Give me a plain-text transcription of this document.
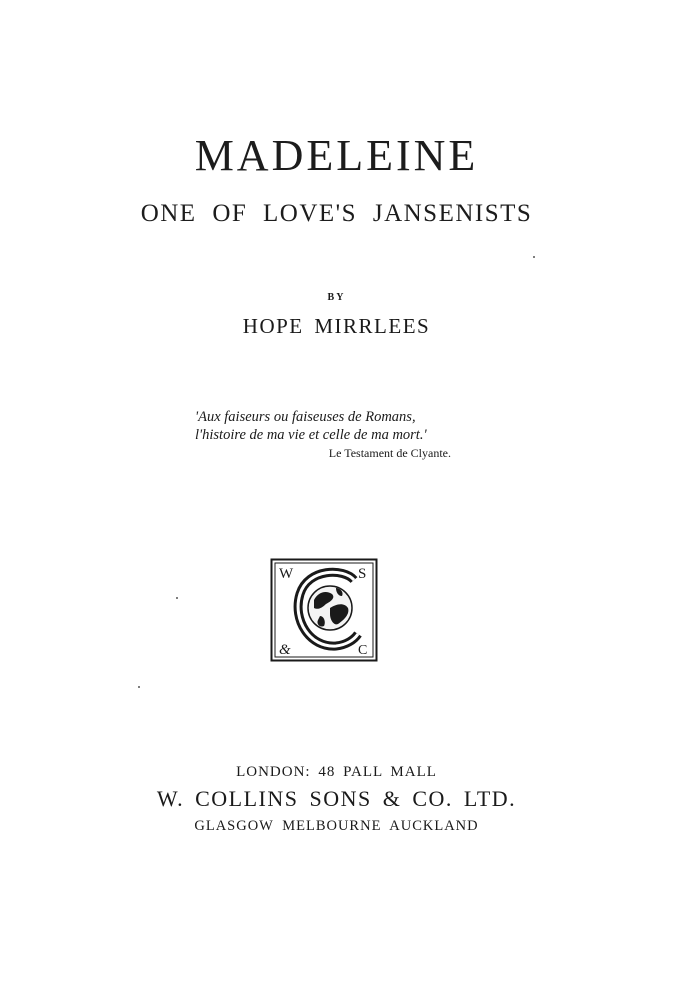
MADELEINE
ONE OF LOVE'S JANSENISTS
BY
HOPE MIRRLEES
'Aux faiseurs ou faiseuses de Romans,
l'histoire de ma vie et celle de ma mort.'
Le Testament de Clyante.
W	S
&	C
LONDON: 48 PALL MALL
W. COLLINS SONS & CO. LTD.
GLASGOW MELBOURNE AUCKLAND
